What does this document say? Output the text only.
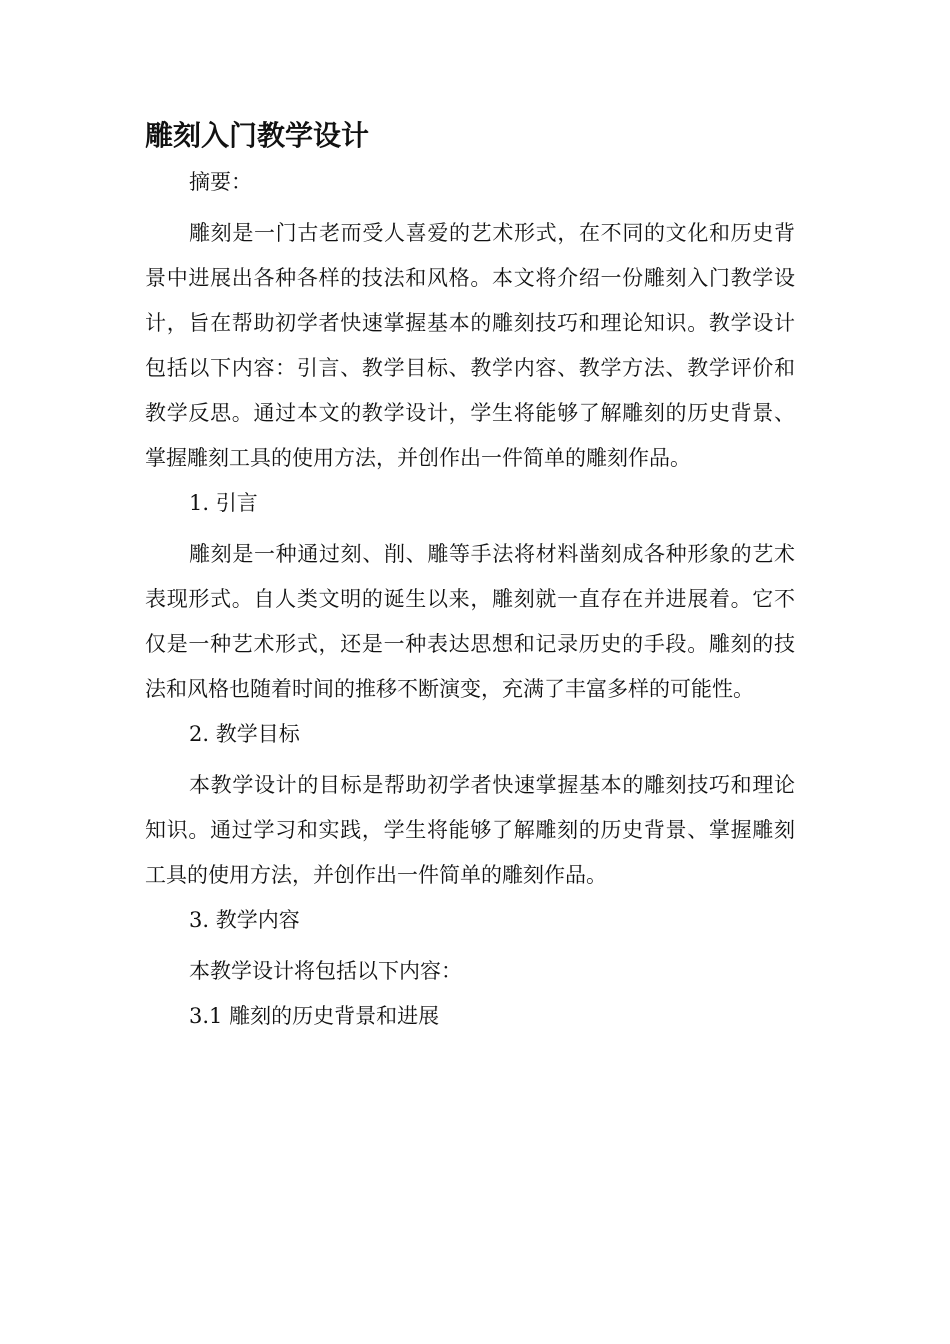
雕刻入门教学设计

摘要：

雕刻是一门古老而受人喜爱的艺术形式，在不同的文化和历史背景中进展出各种各样的技法和风格。本文将介绍一份雕刻入门教学设计，旨在帮助初学者快速掌握基本的雕刻技巧和理论知识。教学设计包括以下内容：引言、教学目标、教学内容、教学方法、教学评价和教学反思。通过本文的教学设计，学生将能够了解雕刻的历史背景、掌握雕刻工具的使用方法，并创作出一件简单的雕刻作品。

1. 引言

雕刻是一种通过刻、削、雕等手法将材料凿刻成各种形象的艺术表现形式。自人类文明的诞生以来，雕刻就一直存在并进展着。它不仅是一种艺术形式，还是一种表达思想和记录历史的手段。雕刻的技法和风格也随着时间的推移不断演变，充满了丰富多样的可能性。

2. 教学目标

本教学设计的目标是帮助初学者快速掌握基本的雕刻技巧和理论知识。通过学习和实践，学生将能够了解雕刻的历史背景、掌握雕刻工具的使用方法，并创作出一件简单的雕刻作品。

3. 教学内容

本教学设计将包括以下内容：

3.1 雕刻的历史背景和进展
